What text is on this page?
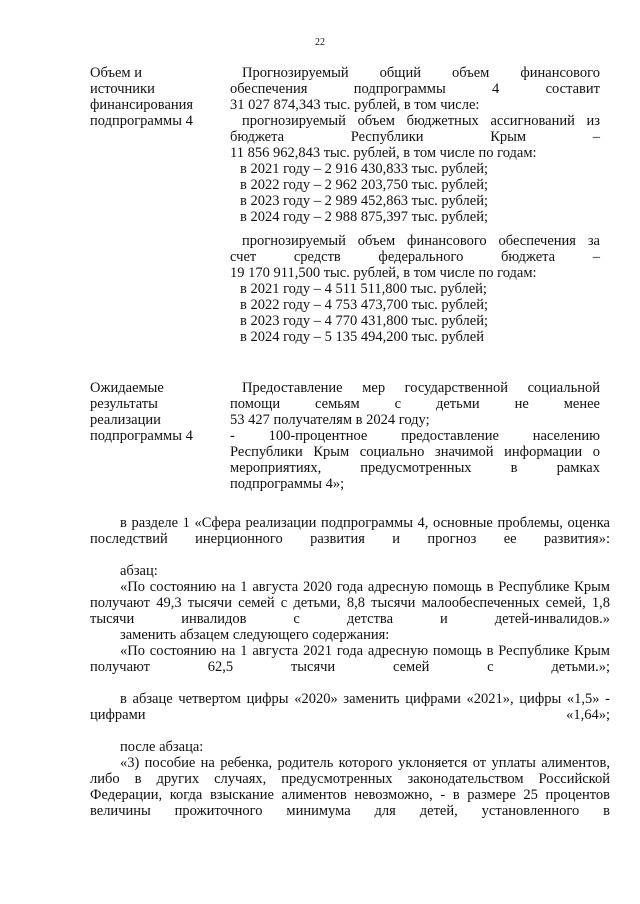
22
Объем и
источники
финансирования
подпрограммы 4
Прогнозируемый общий объем финансового
обеспечения подпрограммы 4 составит
31 027 874,343 тыс. рублей, в том числе:
прогнозируемый объем бюджетных ассигнований из
бюджета Республики Крым –
11 856 962,843 тыс. рублей, в том числе по годам:
в 2021 году – 2 916 430,833 тыс. рублей;
в 2022 году – 2 962 203,750 тыс. рублей;
в 2023 году – 2 989 452,863 тыс. рублей;
в 2024 году – 2 988 875,397 тыс. рублей;
прогнозируемый объем финансового обеспечения за
счет средств федерального бюджета –
19 170 911,500 тыс. рублей, в том числе по годам:
в 2021 году – 4 511 511,800 тыс. рублей;
в 2022 году – 4 753 473,700 тыс. рублей;
в 2023 году – 4 770 431,800 тыс. рублей;
в 2024 году – 5 135 494,200 тыс. рублей
Ожидаемые
результаты
реализации
подпрограммы 4
Предоставление мер государственной социальной
помощи семьям с детьми не менее
53 427 получателям в 2024 году;
- 100-процентное предоставление населению
Республики Крым социально значимой информации о
мероприятиях, предусмотренных в рамках
подпрограммы 4»;
в разделе 1 «Сфера реализации подпрограммы 4, основные проблемы, оценка последствий инерционного развития и прогноз ее развития»:
абзац:
«По состоянию на 1 августа 2020 года адресную помощь в Республике Крым получают 49,3 тысячи семей с детьми, 8,8 тысячи малообеспеченных семей, 1,8 тысячи инвалидов с детства и детей-инвалидов.»
заменить абзацем следующего содержания:
«По состоянию на 1 августа 2021 года адресную помощь в Республике Крым получают 62,5 тысячи семей с детьми.»;
в абзаце четвертом цифры «2020» заменить цифрами «2021», цифры «1,5» - цифрами «1,64»;
после абзаца:
«3) пособие на ребенка, родитель которого уклоняется от уплаты алиментов, либо в других случаях, предусмотренных законодательством Российской Федерации, когда взыскание алиментов невозможно, - в размере 25 процентов величины прожиточного минимума для детей, установленного в
